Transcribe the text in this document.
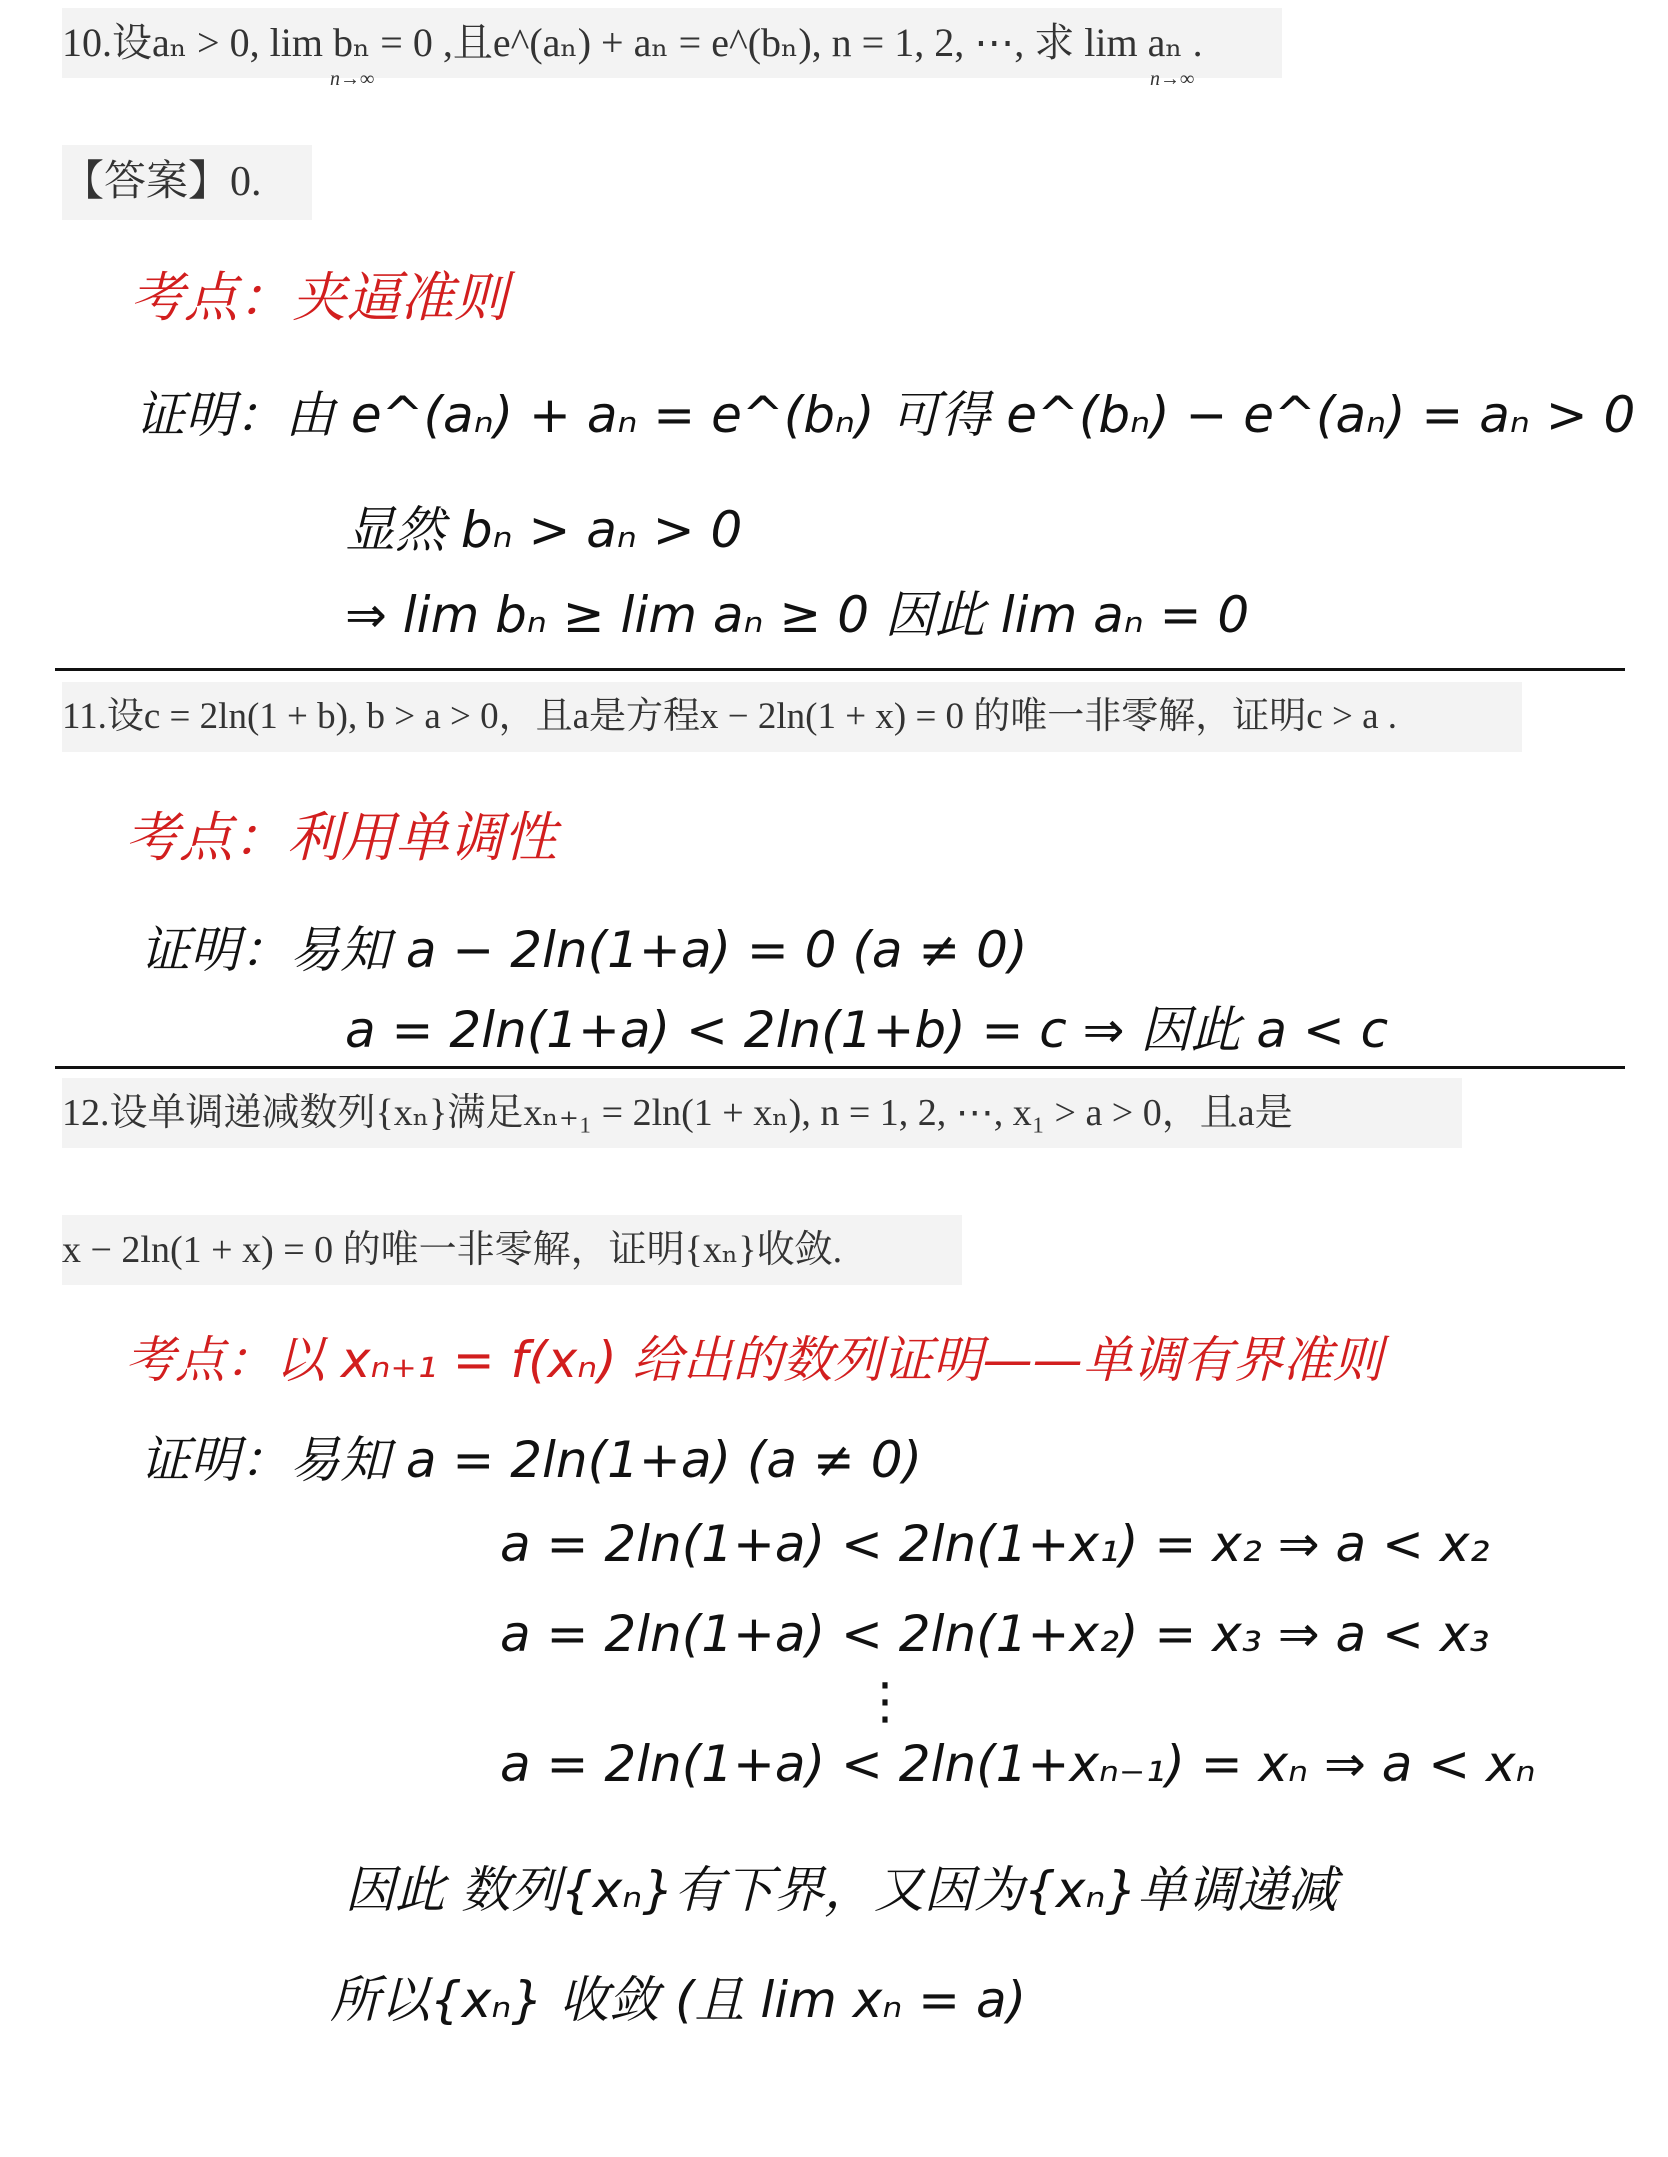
10.设aₙ > 0, lim bₙ = 0 ,且e^(aₙ) + aₙ = e^(bₙ), n = 1, 2, ⋯, 求 lim aₙ .
n→∞	n→∞
【答案】0.
考点：夹逼准则
证明：由 e^(aₙ) + aₙ = e^(bₙ) 可得 e^(bₙ) − e^(aₙ) = aₙ > 0
显然 bₙ > aₙ > 0
⇒ lim bₙ ≥ lim aₙ ≥ 0 因此 lim aₙ = 0
11.设c = 2ln(1 + b), b > a > 0，且a是方程x − 2ln(1 + x) = 0 的唯一非零解，证明c > a .
考点：利用单调性
证明：易知 a − 2ln(1+a) = 0 (a ≠ 0)
a = 2ln(1+a) < 2ln(1+b) = c ⇒ 因此 a < c
12.设单调递减数列{xₙ}满足xₙ₊₁ = 2ln(1 + xₙ), n = 1, 2, ⋯, x₁ > a > 0，且a是
x − 2ln(1 + x) = 0 的唯一非零解，证明{xₙ}收敛.
考点：以 xₙ₊₁ = f(xₙ) 给出的数列证明——单调有界准则
证明：易知 a = 2ln(1+a) (a ≠ 0)
a = 2ln(1+a) < 2ln(1+x₁) = x₂ ⇒ a < x₂
a = 2ln(1+a) < 2ln(1+x₂) = x₃ ⇒ a < x₃
⋮
a = 2ln(1+a) < 2ln(1+xₙ₋₁) = xₙ ⇒ a < xₙ
因此 数列{xₙ}有下界，又因为{xₙ}单调递减
所以{xₙ} 收敛 (且 lim xₙ = a)
